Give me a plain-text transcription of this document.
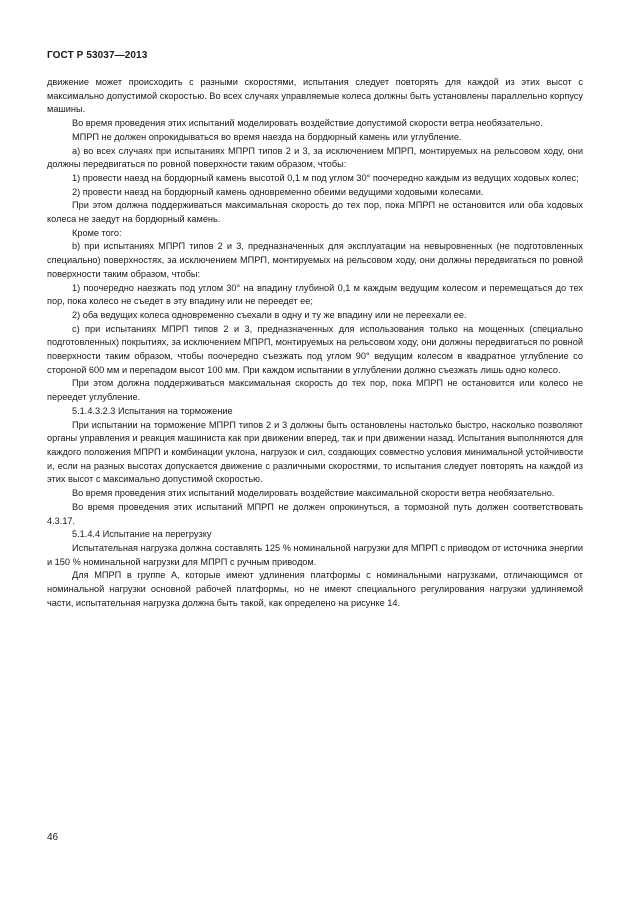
ГОСТ Р 53037—2013

движение может происходить с разными скоростями, испытания следует повторять для каждой из этих высот с максимально допустимой скоростью. Во всех случаях управляемые колеса должны быть установлены параллельно корпусу машины.

Во время проведения этих испытаний моделировать воздействие допустимой скорости ветра необязательно.

МПРП не должен опрокидываться во время наезда на бордюрный камень или углубление.

а) во всех случаях при испытаниях МПРП типов 2 и 3, за исключением МПРП, монтируемых на рельсовом ходу, они должны передвигаться по ровной поверхности таким образом, чтобы:

1) провести наезд на бордюрный камень высотой 0,1 м под углом 30° поочередно каждым из ведущих ходовых колес;

2) провести наезд на бордюрный камень одновременно обеими ведущими ходовыми колесами.

При этом должна поддерживаться максимальная скорость до тех пор, пока МПРП не остановится или оба ходовых колеса не заедут на бордюрный камень.

Кроме того:

b) при испытаниях МПРП типов 2 и 3, предназначенных для эксплуатации на невыровненных (не подготовленных специально) поверхностях, за исключением МПРП, монтируемых на рельсовом ходу, они должны передвигаться по ровной поверхности таким образом, чтобы:

1) поочередно наезжать под углом 30° на впадину глубиной 0,1 м каждым ведущим колесом и перемещаться до тех пор, пока колесо не съедет в эту впадину или не переедет ее;

2) оба ведущих колеса одновременно съехали в одну и ту же впадину или не переехали ее.

с) при испытаниях МПРП типов 2 и 3, предназначенных для использования только на мощенных (специально подготовленных) покрытиях, за исключением МПРП, монтируемых на рельсовом ходу, они должны передвигаться по ровной поверхности таким образом, чтобы поочередно съезжать под углом 90° ведущим колесом в квадратное углубление со стороной 600 мм и перепадом высот 100 мм. При каждом испытании в углублении должно съезжать лишь одно колесо.

При этом должна поддерживаться максимальная скорость до тех пор, пока МПРП не остановится или колесо не переедет углубление.

5.1.4.3.2.3 Испытания на торможение

При испытании на торможение МПРП типов 2 и 3 должны быть остановлены настолько быстро, насколько позволяют органы управления и реакция машиниста как при движении вперед, так и при движении назад. Испытания выполняются для каждого положения МПРП и комбинации уклона, нагрузок и сил, создающих совместно условия минимальной устойчивости и, если на разных высотах допускается движение с различными скоростями, то испытания следует повторять на каждой из этих высот с максимально допустимой скоростью.

Во время проведения этих испытаний моделировать воздействие максимальной скорости ветра необязательно.

Во время проведения этих испытаний МПРП не должен опрокинуться, а тормозной путь должен соответствовать 4.3.17.

5.1.4.4 Испытание на перегрузку

Испытательная нагрузка должна составлять 125 % номинальной нагрузки для МПРП с приводом от источника энергии и 150 % номинальной нагрузки для МПРП с ручным приводом.

Для МПРП в группе А, которые имеют удлинения платформы с номинальными нагрузками, отличающимся от номинальной нагрузки основной рабочей платформы, но не имеют специального регулирования нагрузки удлиняемой части, испытательная нагрузка должна быть такой, как определено на рисунке 14.

46
